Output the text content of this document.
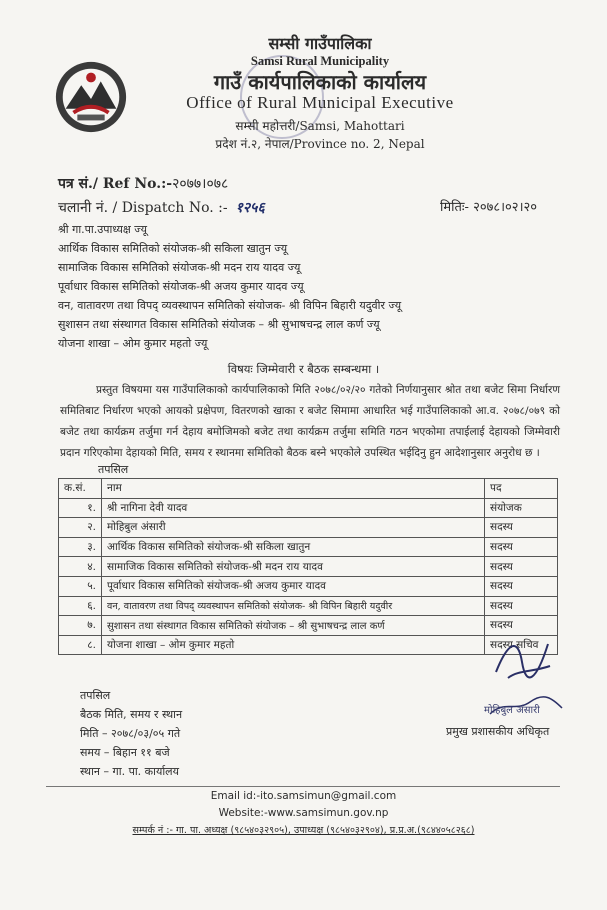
सम्सी गाउँपालिका
Samsi Rural Municipality
गाउँ कार्यपालिकाको कार्यालय
Office of Rural Municipal Executive
सम्सी महोत्तरी/Samsi, Mahottari
प्रदेश नं.२, नेपाल/Province no. 2, Nepal
पत्र सं./ Ref No.:-२०७७।०७८
चलानी नं. / Dispatch No. :- १२५६	मितिः- २०७८।०२।२०
श्री गा.पा.उपाध्यक्ष ज्यू
आर्थिक विकास समितिको संयोजक-श्री सकिला खातुन ज्यू
सामाजिक विकास समितिको संयोजक-श्री मदन राय यादव ज्यू
पूर्वाधार विकास समितिको संयोजक-श्री अजय कुमार यादव ज्यू
वन, वातावरण तथा विपद् व्यवस्थापन समितिको संयोजक- श्री विपिन बिहारी यदुवीर ज्यू
सुशासन तथा संस्थागत विकास समितिको संयोजक – श्री सुभाषचन्द्र लाल कर्ण ज्यू
योजना शाखा – ओम कुमार महतो ज्यू
विषयः जिम्मेवारी र बैठक सम्बन्धमा ।
प्रस्तुत विषयमा यस गाउँपालिकाको कार्यपालिकाको मिति २०७८/०२/२० गतेको निर्णयानुसार श्रोत तथा बजेट सिमा निर्धारण समितिबाट निर्धारण भएको आयको प्रक्षेपण, वितरणको खाका र बजेट सिमामा आधारित भई गाउँपालिकाको आ.व. २०७८/०७९ को बजेट तथा कार्यक्रम तर्जुमा गर्न देहाय बमोजिमको बजेट तथा कार्यक्रम तर्जुमा समिति गठन भएकोमा तपाईलाई देहायको जिम्मेवारी प्रदान गरिएकोमा देहायको मिति, समय र स्थानमा समितिको बैठक बस्ने भएकोले उपस्थित भईदिनु हुन आदेशानुसार अनुरोध छ ।
तपसिल
क.सं.	नाम	पद
१.	श्री नागिना देवी यादव	संयोजक
२.	मोहिबुल अंसारी	सदस्य
३.	आर्थिक विकास समितिको संयोजक-श्री सकिला खातुन	सदस्य
४.	सामाजिक विकास समितिको संयोजक-श्री मदन राय यादव	सदस्य
५.	पूर्वाधार विकास समितिको संयोजक-श्री अजय कुमार यादव	सदस्य
६.	वन, वातावरण तथा विपद् व्यवस्थापन समितिको संयोजक- श्री विपिन बिहारी यदुवीर	सदस्य
७.	सुशासन तथा संस्थागत विकास समितिको संयोजक – श्री सुभाषचन्द्र लाल कर्ण	सदस्य
८.	योजना शाखा – ओम कुमार महतो	सदस्य सचिव
तपसिल
बैठक मिति, समय र स्थान
मिति – २०७८/०३/०५ गते
समय – बिहान ११ बजे
स्थान – गा. पा. कार्यालय
मोहिबुल अंसारी
प्रमुख प्रशासकीय अधिकृत
Email id:-ito.samsimun@gmail.com
Website:-www.samsimun.gov.np
सम्पर्क नं :- गा. पा. अध्यक्ष (९८५४०३२९०५), उपाध्यक्ष (९८५४०३२९०४), प्र.प्र.अ.(९८४४०५८२६८)
